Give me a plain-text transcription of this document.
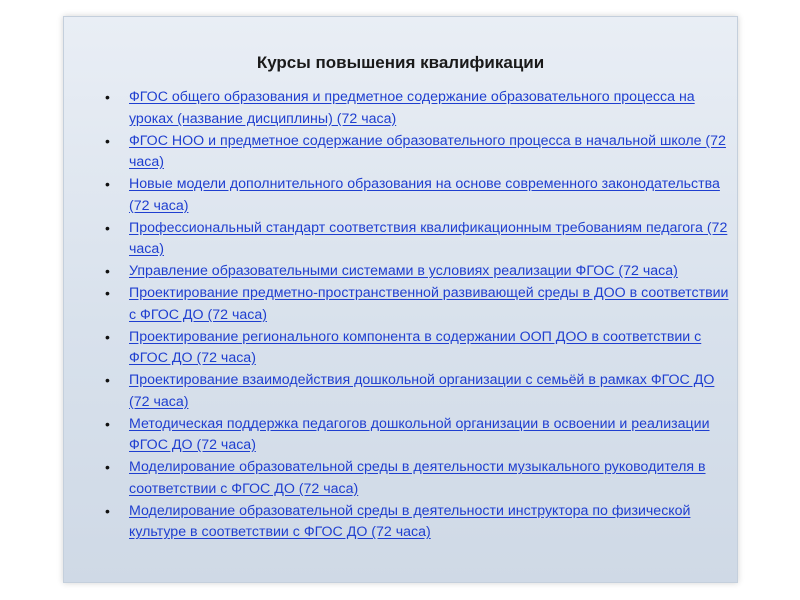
Курсы повышения квалификации
• ФГОС общего образования и предметное содержание образовательного процесса на уроках (название дисциплины) (72 часа)
• ФГОС НОО и предметное содержание образовательного процесса в начальной школе (72 часа)
• Новые модели дополнительного образования на основе современного законодательства (72 часа)
• Профессиональный стандарт соответствия квалификационным требованиям педагога (72 часа)
• Управление образовательными системами в условиях реализации ФГОС (72 часа)
• Проектирование предметно-пространственной развивающей среды в ДОО в соответствии с ФГОС ДО (72 часа)
• Проектирование регионального компонента в содержании ООП ДОО в соответствии с ФГОС ДО (72 часа)
• Проектирование взаимодействия дошкольной организации с семьёй в рамках ФГОС ДО (72 часа)
• Методическая поддержка педагогов дошкольной организации в освоении и реализации ФГОС ДО (72 часа)
• Моделирование образовательной среды в деятельности музыкального руководителя в соответствии с ФГОС ДО (72 часа)
• Моделирование образовательной среды в деятельности инструктора по физической культуре в соответствии с ФГОС ДО (72 часа)
